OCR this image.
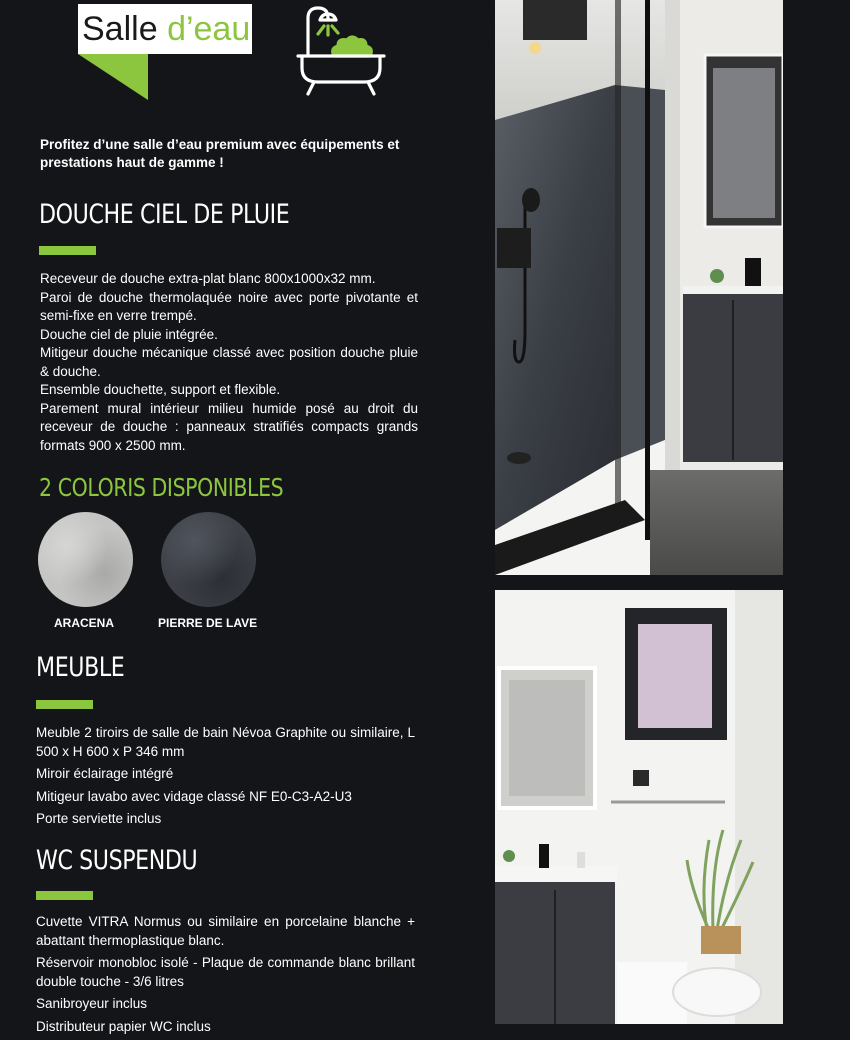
Salle d’eau
Profitez d’une salle d’eau premium avec équipements et prestations haut de gamme !
DOUCHE CIEL DE PLUIE

Receveur de douche extra-plat blanc 800x1000x32 mm.

Paroi de douche thermolaquée noire avec porte pivotante et semi-fixe en verre trempé.

Douche ciel de pluie intégrée.

Mitigeur douche mécanique classé avec position douche pluie & douche.

Ensemble douchette, support et flexible.

Parement mural intérieur milieu humide posé au droit du receveur de douche : panneaux stratifiés compacts grands formats 900 x 2500 mm.

2 COLORIS DISPONIBLES
ARACENA	PIERRE DE LAVE
MEUBLE

Meuble 2 tiroirs de salle de bain Névoa Graphite ou similaire, L 500 x H 600 x P 346 mm

Miroir éclairage intégré

Mitigeur lavabo avec vidage classé NF E0-C3-A2-U3

Porte serviette inclus

WC SUSPENDU

Cuvette VITRA Normus ou similaire en porcelaine blanche + abattant thermoplastique blanc.

Réservoir monobloc isolé - Plaque de commande blanc brillant double touche - 3/6 litres

Sanibroyeur inclus

Distributeur papier WC inclus
